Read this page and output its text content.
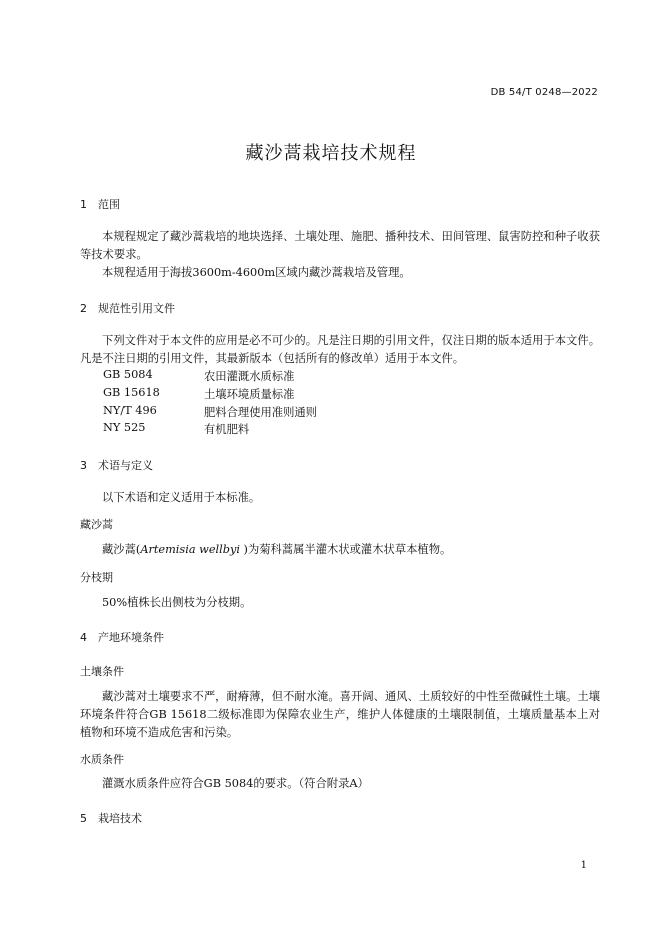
DB 54/T 0248—2022
藏沙蒿栽培技术规程
1 范围
本规程规定了藏沙蒿栽培的地块选择、土壤处理、施肥、播种技术、田间管理、鼠害防控和种子收获等技术要求。
本规程适用于海拔3600m-4600m区域内藏沙蒿栽培及管理。
2 规范性引用文件
下列文件对于本文件的应用是必不可少的。凡是注日期的引用文件，仅注日期的版本适用于本文件。凡是不注日期的引用文件，其最新版本（包括所有的修改单）适用于本文件。
GB 5084	农田灌溉水质标准
GB 15618	土壤环境质量标准
NY/T 496	肥料合理使用准则通则
NY 525	有机肥料
3 术语与定义
以下术语和定义适用于本标准。
藏沙蒿
藏沙蒿(Artemisia wellbyi )为菊科蒿属半灌木状或灌木状草本植物。
分枝期
50%植株长出侧枝为分枝期。
4 产地环境条件
土壤条件
藏沙蒿对土壤要求不严，耐瘠薄，但不耐水淹。喜开阔、通风、土质较好的中性至微碱性土壤。土壤环境条件符合GB 15618二级标准即为保障农业生产，维护人体健康的土壤限制值，土壤质量基本上对植物和环境不造成危害和污染。
水质条件
灌溉水质条件应符合GB 5084的要求。（符合附录A）
5 栽培技术
1
